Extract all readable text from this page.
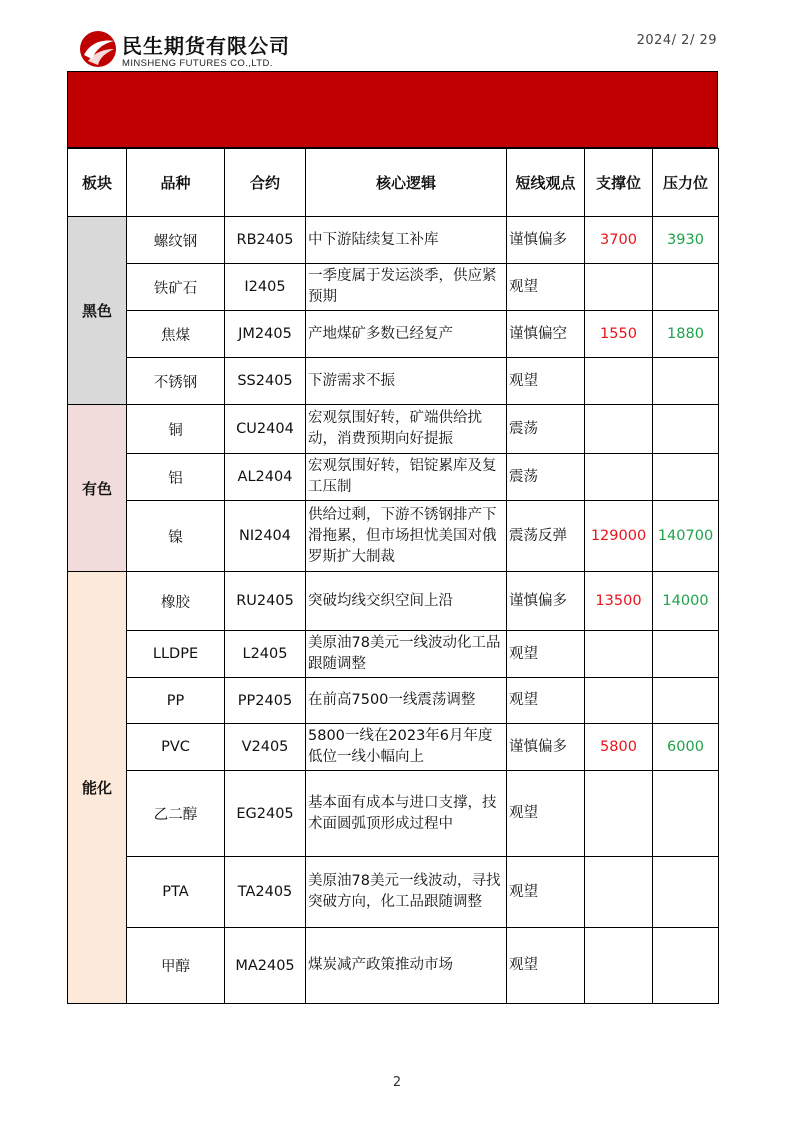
民生期货有限公司
MINSHENG FUTURES CO.,LTD.
2024/ 2/ 29
板块	品种	合约	核心逻辑	短线观点	支撑位	压力位
黑色	螺纹钢	RB2405	中下游陆续复工补库	谨慎偏多	3700	3930
	铁矿石	I2405	一季度属于发运淡季，供应紧预期	观望		
	焦煤	JM2405	产地煤矿多数已经复产	谨慎偏空	1550	1880
	不锈钢	SS2405	下游需求不振	观望		
有色	铜	CU2404	宏观氛围好转，矿端供给扰动，消费预期向好提振	震荡		
	铝	AL2404	宏观氛围好转，铝锭累库及复工压制	震荡		
	镍	NI2404	供给过剩，下游不锈钢排产下滑拖累，但市场担忧美国对俄罗斯扩大制裁	震荡反弹	129000	140700
能化	橡胶	RU2405	突破均线交织空间上沿	谨慎偏多	13500	14000
	LLDPE	L2405	美原油78美元一线波动化工品跟随调整	观望		
	PP	PP2405	在前高7500一线震荡调整	观望		
	PVC	V2405	5800一线在2023年6月年度低位一线小幅向上	谨慎偏多	5800	6000
	乙二醇	EG2405	基本面有成本与进口支撑，技术面圆弧顶形成过程中	观望		
	PTA	TA2405	美原油78美元一线波动，寻找突破方向，化工品跟随调整	观望		
	甲醇	MA2405	煤炭减产政策推动市场	观望		
2
